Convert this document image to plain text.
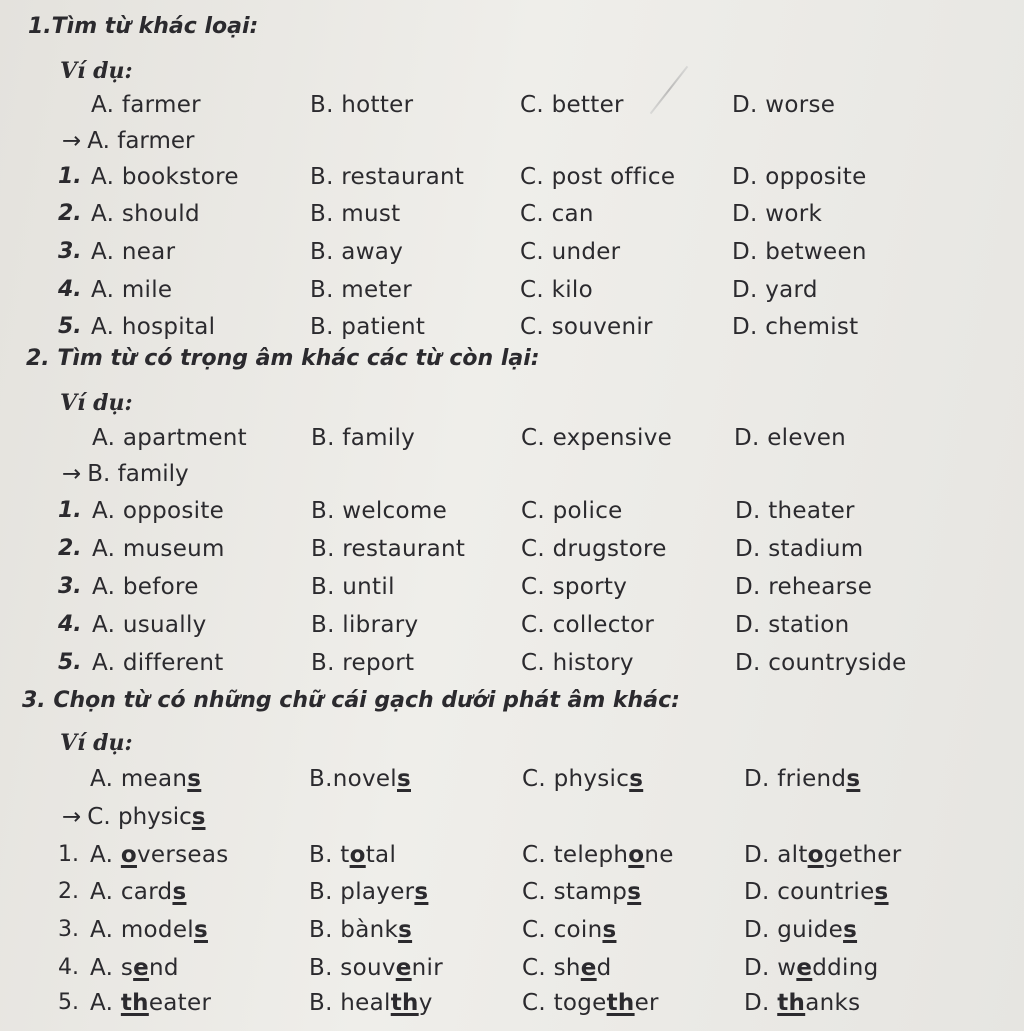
1.Tìm từ khác loại:
Ví dụ:
A. farmer	B. hotter	C. better	D. worse
→ A. farmer
2. Tìm từ có trọng âm khác các từ còn lại:
Ví dụ:
A. apartment	B. family	C. expensive	D. eleven
→ B. family
3. Chọn từ có những chữ cái gạch dưới phát âm khác:
Ví dụ:
1. A. bookstore	B. restaurant C. post office D. opposite
2. A. should	B. must	C. can	D. work
3. A. near	B. away	C. under	D. between
4. A. mile	B. meter	C. kilo	D. yard
5. A. hospital	B. patient	C. souvenir	D. chemist
1. A. opposite	B. welcome	C. police	D. theater
2. A. museum	B. restaurant C. drugstore	D. stadium
3. A. before	B. until	C. sporty	D. rehearse
4. A. usually	B. library	C. collector	D. station
5. A. different	B. report	C. history	D. countryside
A. means	B.novels	C. physics	D. friends
→ C. physics
1. A. overseas	B. total	C. telephone	D. altogether
2. A. cards	B. players	C. stamps	D. countries
3. A. models	B. bànks	C. coins	D. guides
4. A. send	B. souvenir	C. shed	D. wedding
5. A. theater	B. healthy	C. together	D. thanks
